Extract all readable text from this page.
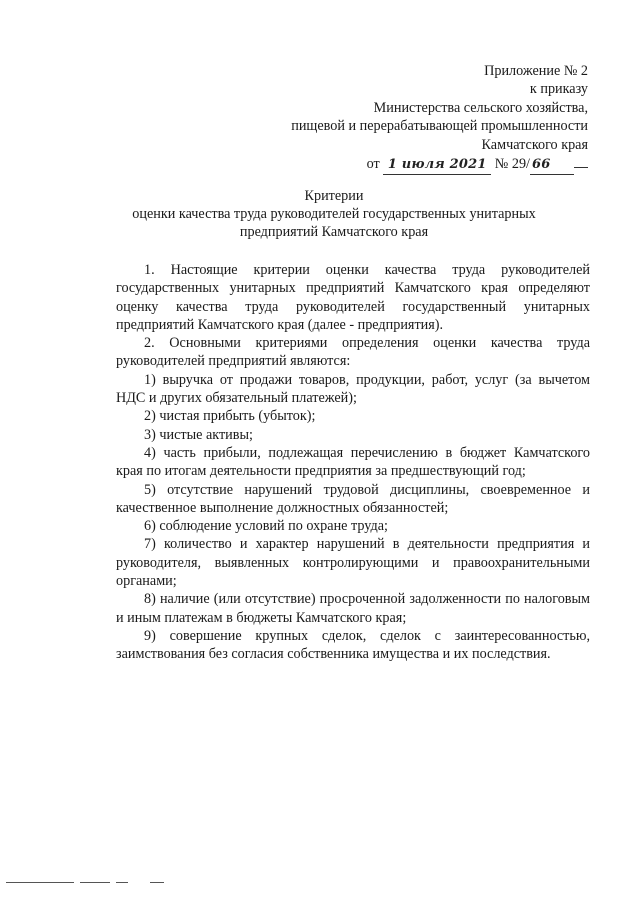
Приложение № 2
к приказу
Министерства сельского хозяйства,
пищевой и перерабатывающей промышленности
Камчатского края
от 1 июля 2021 № 29/ 66
Критерии
оценки качества труда руководителей государственных унитарных
предприятий Камчатского края

1. Настоящие критерии оценки качества труда руководителей государственных унитарных предприятий Камчатского края определяют оценку качества труда руководителей государственный унитарных предприятий Камчатского края (далее - предприятия).

2. Основными критериями определения оценки качества труда руководителей предприятий являются:

1) выручка от продажи товаров, продукции, работ, услуг (за вычетом НДС и других обязательный платежей);

2) чистая прибыть (убыток);

3) чистые активы;

4) часть прибыли, подлежащая перечислению в бюджет Камчатского края по итогам деятельности предприятия за предшествующий год;

5) отсутствие нарушений трудовой дисциплины, своевременное и качественное выполнение должностных обязанностей;

6) соблюдение условий по охране труда;

7) количество и характер нарушений в деятельности предприятия и руководителя, выявленных контролирующими и правоохранительными органами;

8) наличие (или отсутствие) просроченной задолженности по налоговым и иным платежам в бюджеты Камчатского края;

9) совершение крупных сделок, сделок с заинтересованностью, заимствования без согласия собственника имущества и их последствия.
